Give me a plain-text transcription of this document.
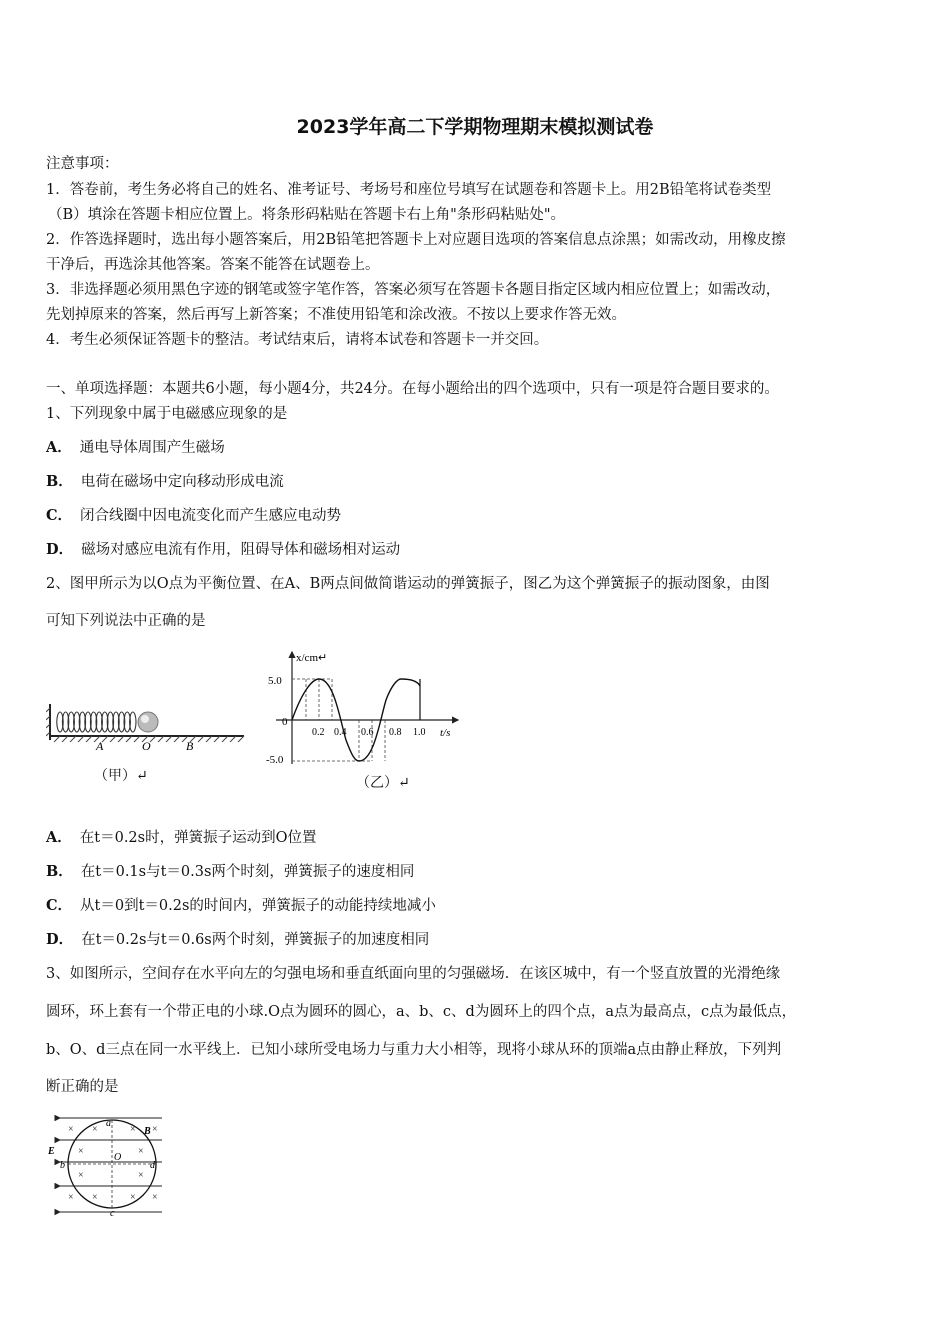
2023学年高二下学期物理期末模拟测试卷
注意事项：
1．答卷前，考生务必将自己的姓名、准考证号、考场号和座位号填写在试题卷和答题卡上。用2B铅笔将试卷类型
（B）填涂在答题卡相应位置上。将条形码粘贴在答题卡右上角"条形码粘贴处"。
2．作答选择题时，选出每小题答案后，用2B铅笔把答题卡上对应题目选项的答案信息点涂黑；如需改动，用橡皮擦
干净后，再选涂其他答案。答案不能答在试题卷上。
3．非选择题必须用黑色字迹的钢笔或签字笔作答，答案必须写在答题卡各题目指定区域内相应位置上；如需改动，
先划掉原来的答案，然后再写上新答案；不准使用铅笔和涂改液。不按以上要求作答无效。
4．考生必须保证答题卡的整洁。考试结束后，请将本试卷和答题卡一并交回。
一、单项选择题：本题共6小题，每小题4分，共24分。在每小题给出的四个选项中，只有一项是符合题目要求的。
1、下列现象中属于电磁感应现象的是
A． 通电导体周围产生磁场
B． 电荷在磁场中定向移动形成电流
C． 闭合线圈中因电流变化而产生感应电动势
D． 磁场对感应电流有作用，阻碍导体和磁场相对运动
2、图甲所示为以O点为平衡位置、在A、B两点间做简谐运动的弹簧振子，图乙为这个弹簧振子的振动图象，由图
可知下列说法中正确的是
A	O	B
（甲）↵
x/cm↵
t/s
5.0
0
-5.0
0.2 0.4 0.6 0.8 1.0
（乙）↵
A． 在t＝0.2s时，弹簧振子运动到O位置
B． 在t＝0.1s与t＝0.3s两个时刻，弹簧振子的速度相同
C． 从t＝0到t＝0.2s的时间内，弹簧振子的动能持续地减小
D． 在t＝0.2s与t＝0.6s两个时刻，弹簧振子的加速度相同
3、如图所示，空间存在水平向左的匀强电场和垂直纸面向里的匀强磁场．在该区城中，有一个竖直放置的光滑绝缘
圆环，环上套有一个带正电的小球.O点为圆环的圆心，a、b、c、d为圆环上的四个点，a点为最高点，c点为最低点，
b、O、d三点在同一水平线上．已知小球所受电场力与重力大小相等，现将小球从环的顶端a点由静止释放，下列判
断正确的是
× ×	× ×
×	×
×	×
× ×	× ×
a
b
c
d
O
E
B
